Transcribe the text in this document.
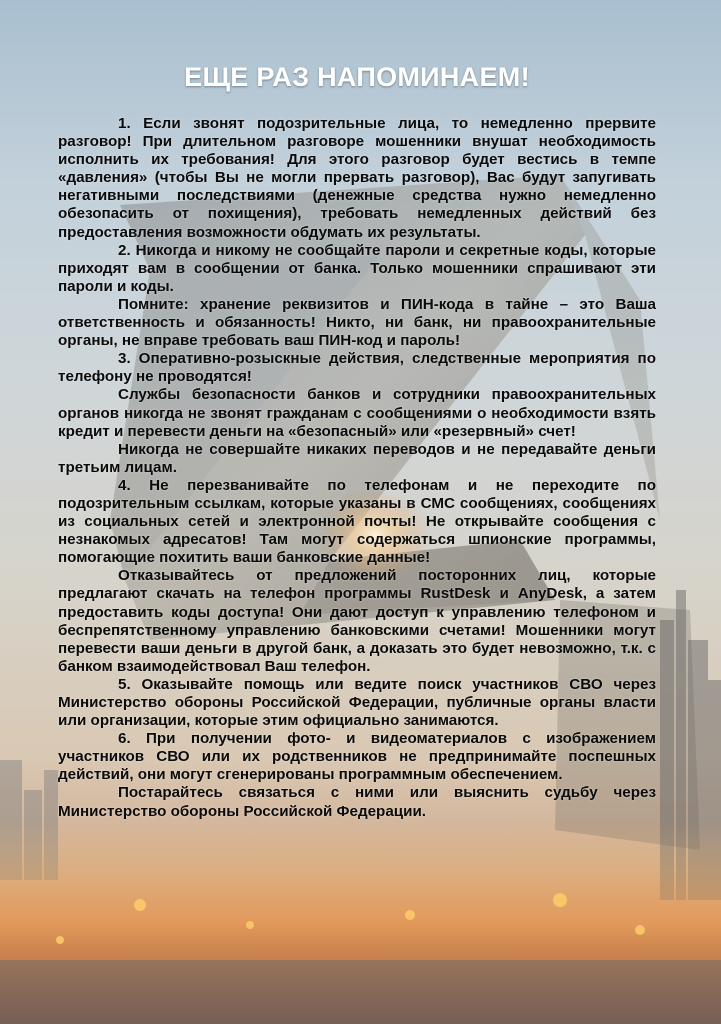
ЕЩЕ РАЗ НАПОМИНАЕМ!

1. Если звонят подозрительные лица, то немедленно прервите разговор! При длительном разговоре мошенники внушат необходимость исполнить их требования! Для этого разговор будет вестись в темпе «давления» (чтобы Вы не могли прервать разговор), Вас будут запугивать негативными последствиями (денежные средства нужно немедленно обезопасить от похищения), требовать немедленных действий без предоставления возможности обдумать их результаты.

2. Никогда и никому не сообщайте пароли и секретные коды, которые приходят вам в сообщении от банка. Только мошенники спрашивают эти пароли и коды.

Помните: хранение реквизитов и ПИН-кода в тайне – это Ваша ответственность и обязанность! Никто, ни банк, ни правоохранительные органы, не вправе требовать ваш ПИН-код и пароль!

3. Оперативно-розыскные действия, следственные мероприятия по телефону не проводятся!

Службы безопасности банков и сотрудники правоохранительных органов никогда не звонят гражданам с сообщениями о необходимости взять кредит и перевести деньги на «безопасный» или «резервный» счет!

Никогда не совершайте никаких переводов и не передавайте деньги третьим лицам.

4. Не перезванивайте по телефонам и не переходите по подозрительным ссылкам, которые указаны в СМС сообщениях, сообщениях из социальных сетей и электронной почты! Не открывайте сообщения с незнакомых адресатов! Там могут содержаться шпионские программы, помогающие похитить ваши банковские данные!

Отказывайтесь от предложений посторонних лиц, которые предлагают скачать на телефон программы RustDesk и AnyDesk, а затем предоставить коды доступа! Они дают доступ к управлению телефоном и беспрепятственному управлению банковскими счетами! Мошенники могут перевести ваши деньги в другой банк, а доказать это будет невозможно, т.к. с банком взаимодействовал Ваш телефон.

5. Оказывайте помощь или ведите поиск участников СВО через Министерство обороны Российской Федерации, публичные органы власти или организации, которые этим официально занимаются.

6. При получении фото- и видеоматериалов с изображением участников СВО или их родственников не предпринимайте поспешных действий, они могут сгенерированы программным обеспечением.

Постарайтесь связаться с ними или выяснить судьбу через Министерство обороны Российской Федерации.
